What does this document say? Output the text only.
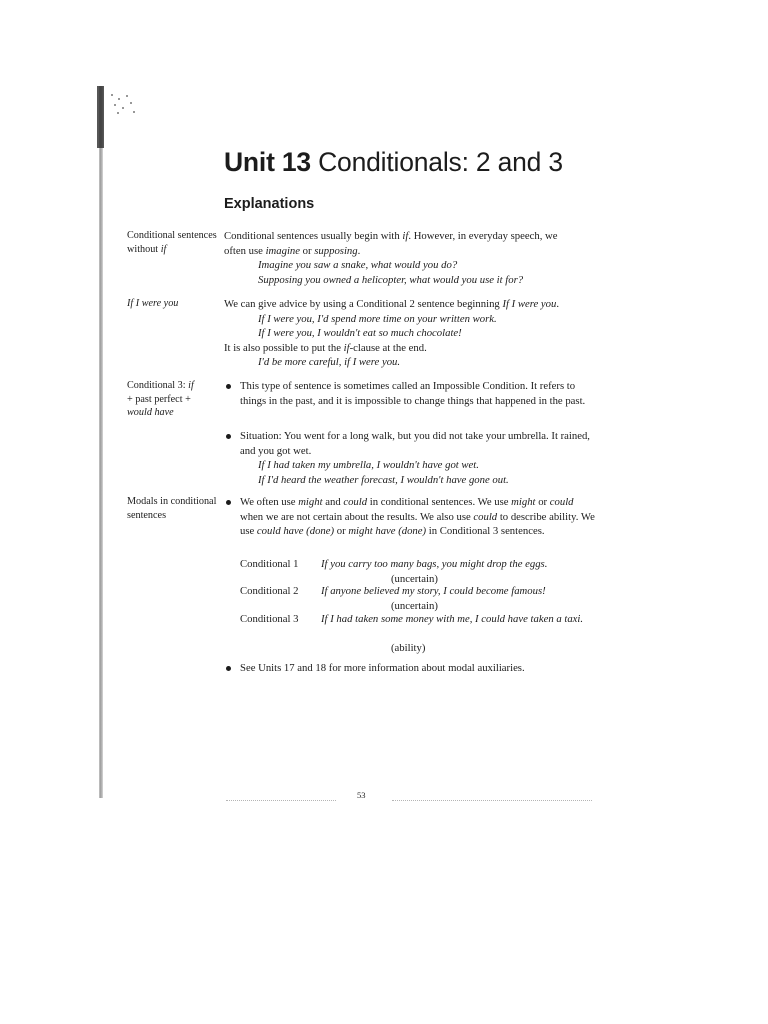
Unit 13 Conditionals: 2 and 3
Explanations
Conditional sentences without if
If I were you
Conditional 3: if
+ past perfect +
would have
Modals in conditional sentences

Conditional sentences usually begin with if. However, in everyday speech, we

often use imagine or supposing.

Imagine you saw a snake, what would you do?

Supposing you owned a helicopter, what would you use it for?

We can give advice by using a Conditional 2 sentence beginning If I were you.

If I were you, I'd spend more time on your written work.

If I were you, I wouldn't eat so much chocolate!

It is also possible to put the if-clause at the end.

I'd be more careful, if I were you.

This type of sentence is sometimes called an Impossible Condition. It refers to things in the past, and it is impossible to change things that happened in the past.

Situation: You went for a long walk, but you did not take your umbrella. It rained, and you got wet.

If I had taken my umbrella, I wouldn't have got wet.

If I'd heard the weather forecast, I wouldn't have gone out.

We often use might and could in conditional sentences. We use might or could when we are not certain about the results. We also use could to describe ability. We use could have (done) or might have (done) in Conditional 3 sentences.

Conditional 1 If you carry too many bags, you might drop the eggs.
(uncertain)
Conditional 2 If anyone believed my story, I could become famous!
(uncertain)
Conditional 3 If I had taken some money with me, I could have taken a taxi.
(ability)

See Units 17 and 18 for more information about modal auxiliaries.

53
